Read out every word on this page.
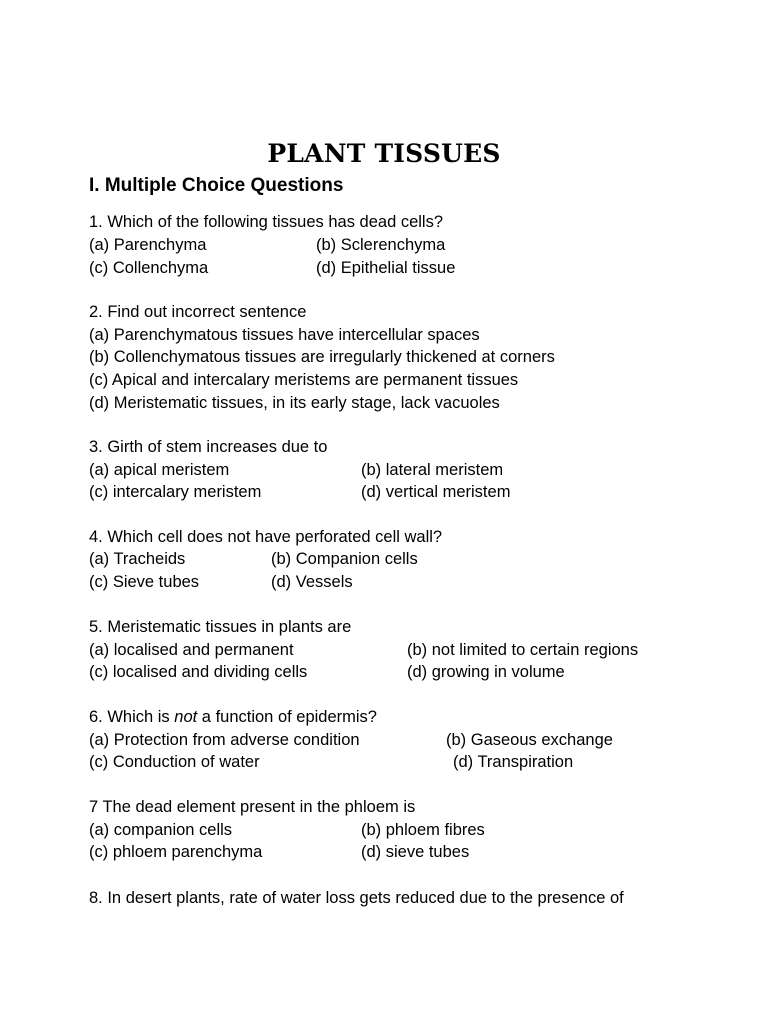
PLANT TISSUES
I. Multiple Choice Questions
1. Which of the following tissues has dead cells?
(a) Parenchyma	(b) Sclerenchyma
(c) Collenchyma	(d) Epithelial tissue
2. Find out incorrect sentence
(a) Parenchymatous tissues have intercellular spaces
(b) Collenchymatous tissues are irregularly thickened at corners
(c) Apical and intercalary meristems are permanent tissues
(d) Meristematic tissues, in its early stage, lack vacuoles
3. Girth of stem increases due to
(a) apical meristem	(b) lateral meristem
(c) intercalary meristem	(d) vertical meristem
4. Which cell does not have perforated cell wall?
(a) Tracheids	(b) Companion cells
(c) Sieve tubes	(d) Vessels
5. Meristematic tissues in plants are
(a) localised and permanent	(b) not limited to certain regions
(c) localised and dividing cells	(d) growing in volume
6. Which is not a function of epidermis?
(a) Protection from adverse condition	(b) Gaseous exchange
(c) Conduction of water	(d) Transpiration
7 The dead element present in the phloem is
(a) companion cells	(b) phloem fibres
(c) phloem parenchyma	(d) sieve tubes
8. In desert plants, rate of water loss gets reduced due to the presence of
